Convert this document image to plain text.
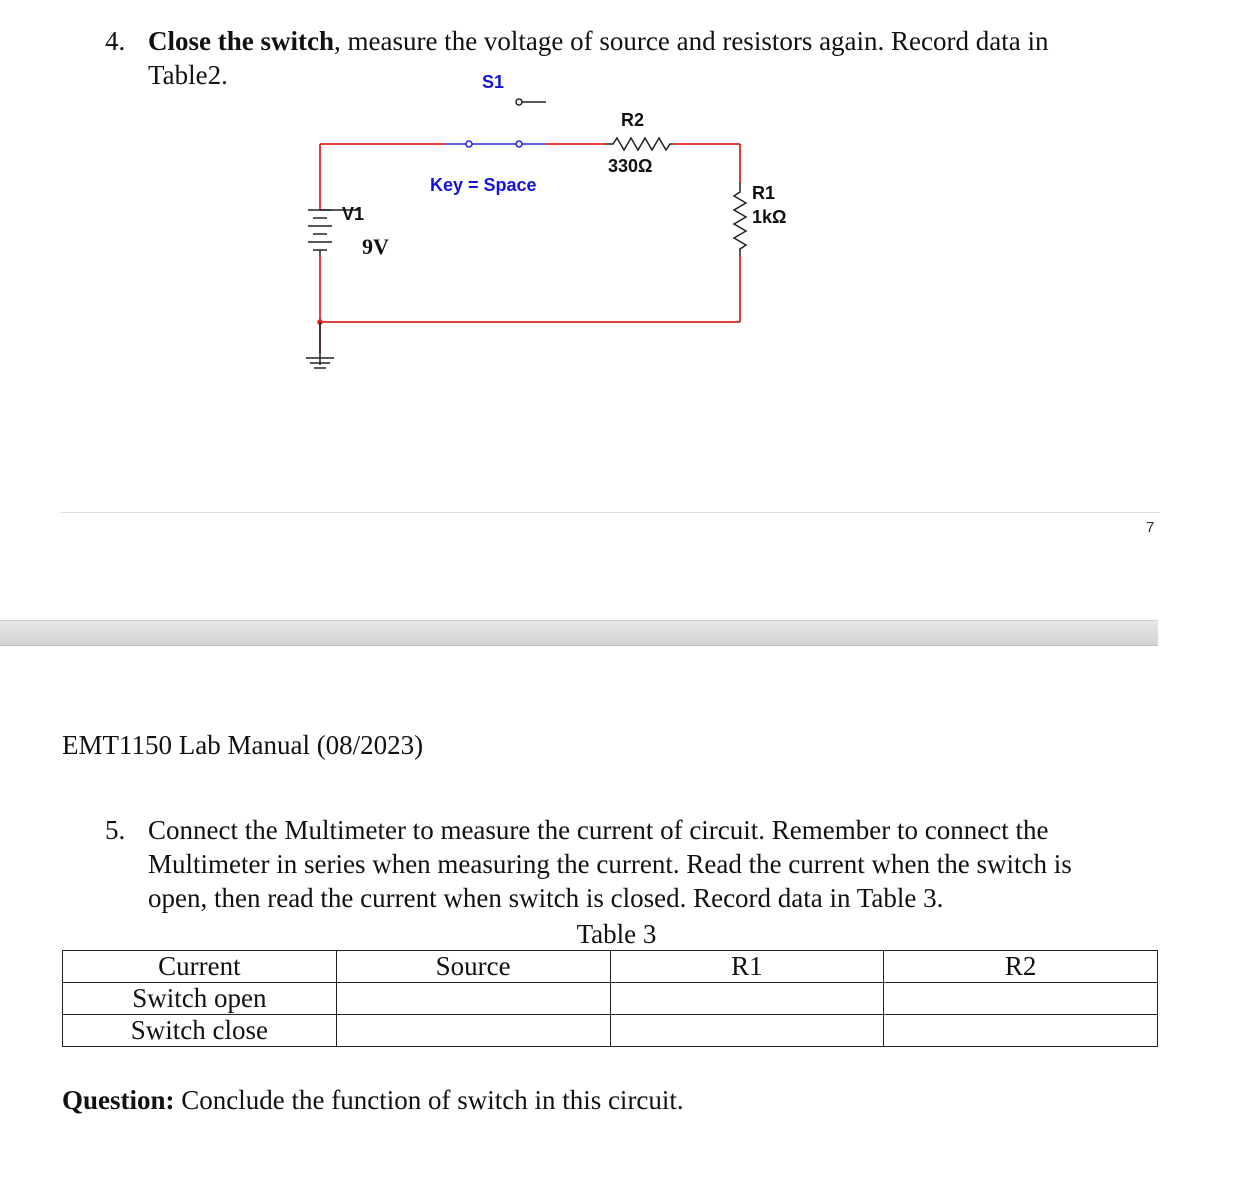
4. Close the switch, measure the voltage of source and resistors again. Record data in
Table2.	S1
Key = Space
R2
330Ω
R1
1kΩ
V1
9V
7
EMT1150 Lab Manual (08/2023)
5. Connect the Multimeter to measure the current of circuit. Remember to connect the
Multimeter in series when measuring the current. Read the current when the switch is
open, then read the current when switch is closed. Record data in Table 3.
Table 3
Current	Source	R1	R2
Switch open			
Switch close			
Question: Conclude the function of switch in this circuit.
